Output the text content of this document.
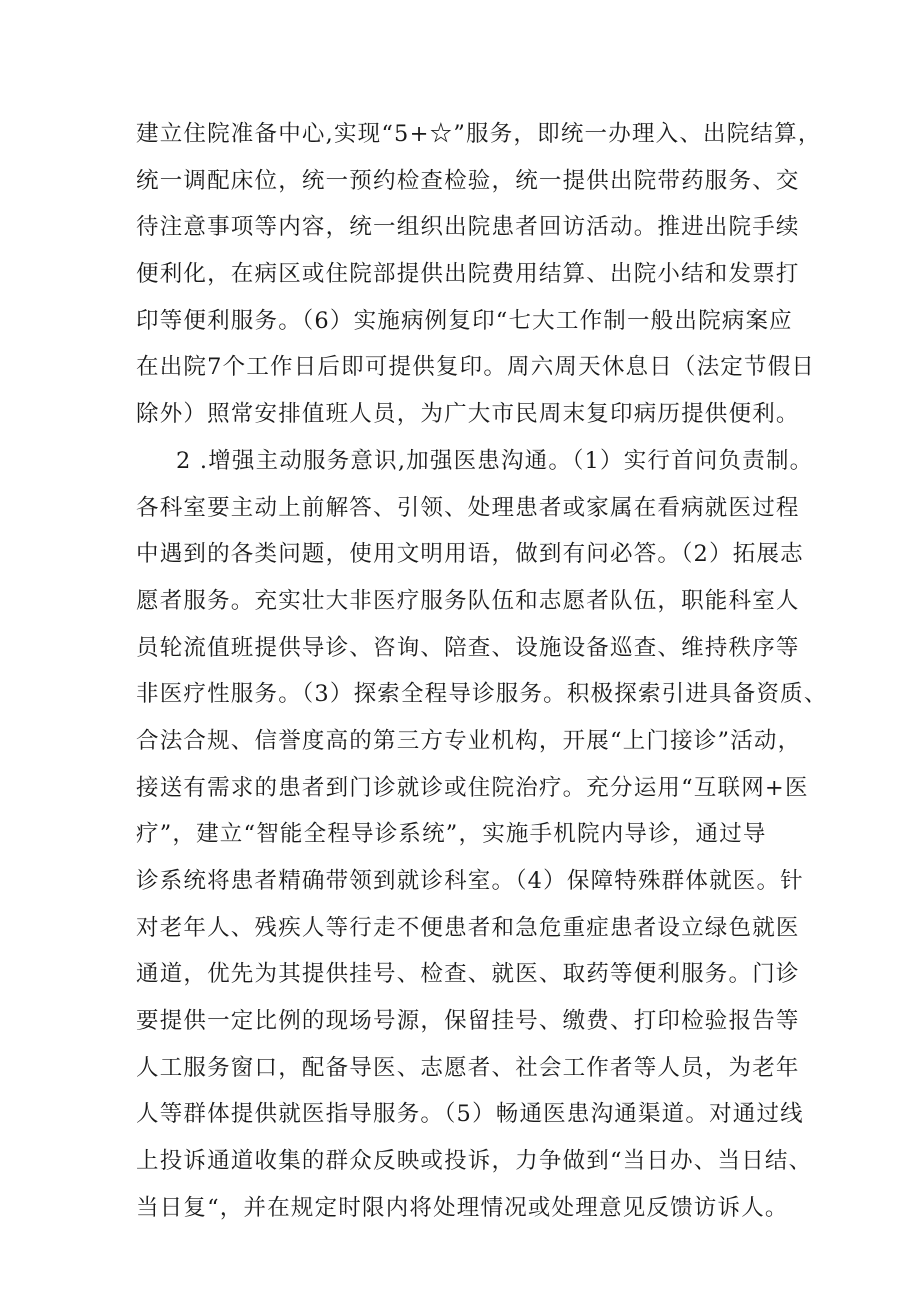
建立住院准备中心,实现“5+☆”服务，即统一办理入、出院结算，
统一调配床位，统一预约检查检验，统一提供出院带药服务、交
待注意事项等内容，统一组织出院患者回访活动。推进出院手续
便利化，在病区或住院部提供出院费用结算、出院小结和发票打
印等便利服务。（6）实施病例复印“七大工作制一般出院病案应
在出院7个工作日后即可提供复印。周六周天休息日（法定节假日
除外）照常安排值班人员，为广大市民周末复印病历提供便利。
2 .增强主动服务意识,加强医患沟通。（1）实行首问负责制。
各科室要主动上前解答、引领、处理患者或家属在看病就医过程
中遇到的各类问题，使用文明用语，做到有问必答。（2）拓展志
愿者服务。充实壮大非医疗服务队伍和志愿者队伍，职能科室人
员轮流值班提供导诊、咨询、陪查、设施设备巡查、维持秩序等
非医疗性服务。（3）探索全程导诊服务。积极探索引进具备资质、
合法合规、信誉度高的第三方专业机构，开展“上门接诊”活动，
接送有需求的患者到门诊就诊或住院治疗。充分运用“互联网+医
疗”，建立“智能全程导诊系统”，实施手机院内导诊，通过导
诊系统将患者精确带领到就诊科室。（4）保障特殊群体就医。针
对老年人、残疾人等行走不便患者和急危重症患者设立绿色就医
通道，优先为其提供挂号、检查、就医、取药等便利服务。门诊
要提供一定比例的现场号源，保留挂号、缴费、打印检验报告等
人工服务窗口，配备导医、志愿者、社会工作者等人员，为老年
人等群体提供就医指导服务。（5）畅通医患沟通渠道。对通过线
上投诉通道收集的群众反映或投诉，力争做到“当日办、当日结、
当日复“，并在规定时限内将处理情况或处理意见反馈访诉人。
